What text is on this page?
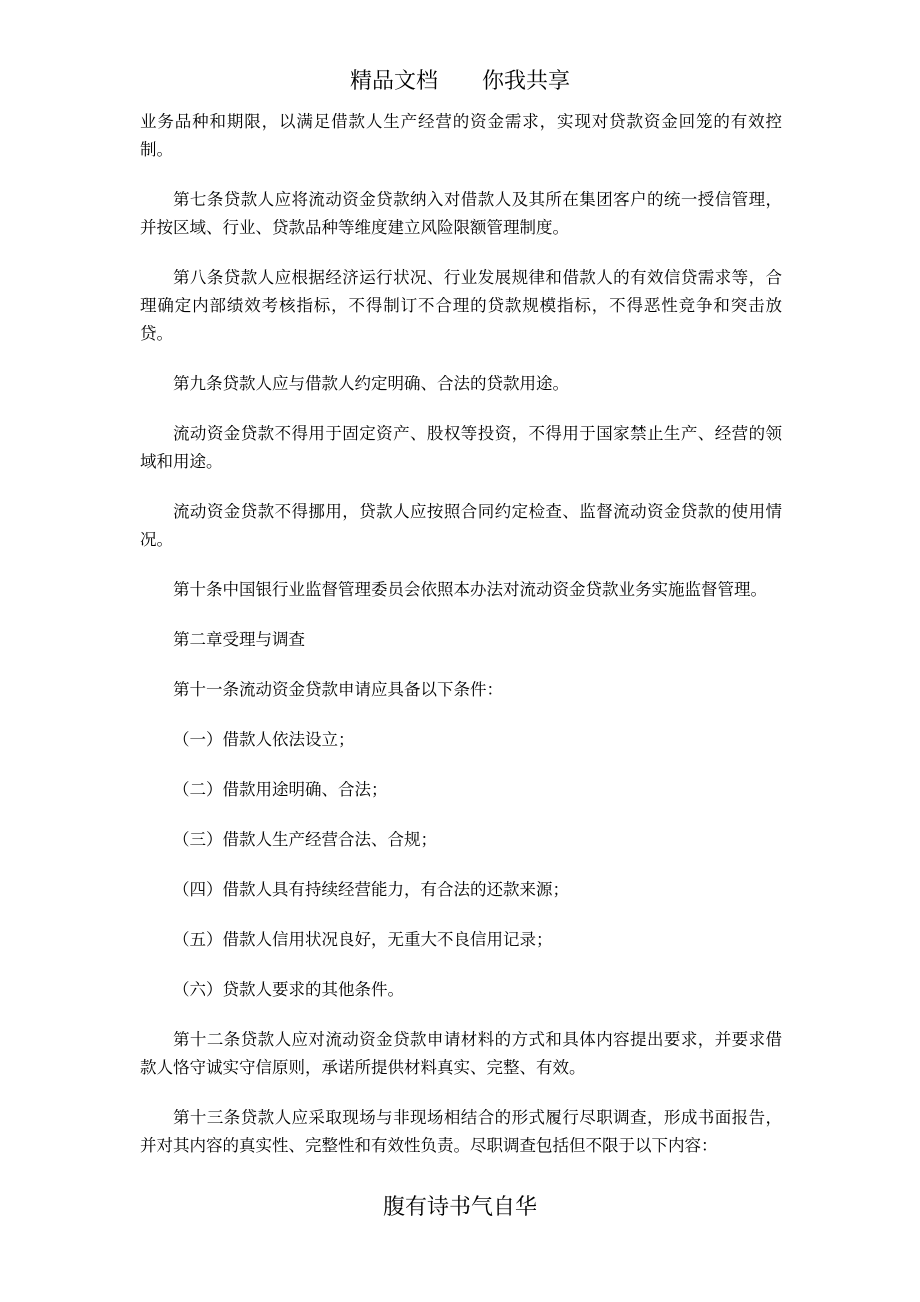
精品文档　　你我共享

业务品种和期限，以满足借款人生产经营的资金需求，实现对贷款资金回笼的有效控制。

第七条贷款人应将流动资金贷款纳入对借款人及其所在集团客户的统一授信管理，并按区域、行业、贷款品种等维度建立风险限额管理制度。

第八条贷款人应根据经济运行状况、行业发展规律和借款人的有效信贷需求等，合理确定内部绩效考核指标，不得制订不合理的贷款规模指标，不得恶性竞争和突击放贷。

第九条贷款人应与借款人约定明确、合法的贷款用途。

流动资金贷款不得用于固定资产、股权等投资，不得用于国家禁止生产、经营的领域和用途。

流动资金贷款不得挪用，贷款人应按照合同约定检查、监督流动资金贷款的使用情况。

第十条中国银行业监督管理委员会依照本办法对流动资金贷款业务实施监督管理。

第二章受理与调查

第十一条流动资金贷款申请应具备以下条件：

（一）借款人依法设立；

（二）借款用途明确、合法；

（三）借款人生产经营合法、合规；

（四）借款人具有持续经营能力，有合法的还款来源；

（五）借款人信用状况良好，无重大不良信用记录；

（六）贷款人要求的其他条件。

第十二条贷款人应对流动资金贷款申请材料的方式和具体内容提出要求，并要求借款人恪守诚实守信原则，承诺所提供材料真实、完整、有效。

第十三条贷款人应采取现场与非现场相结合的形式履行尽职调查，形成书面报告，并对其内容的真实性、完整性和有效性负责。尽职调查包括但不限于以下内容：

腹有诗书气自华
